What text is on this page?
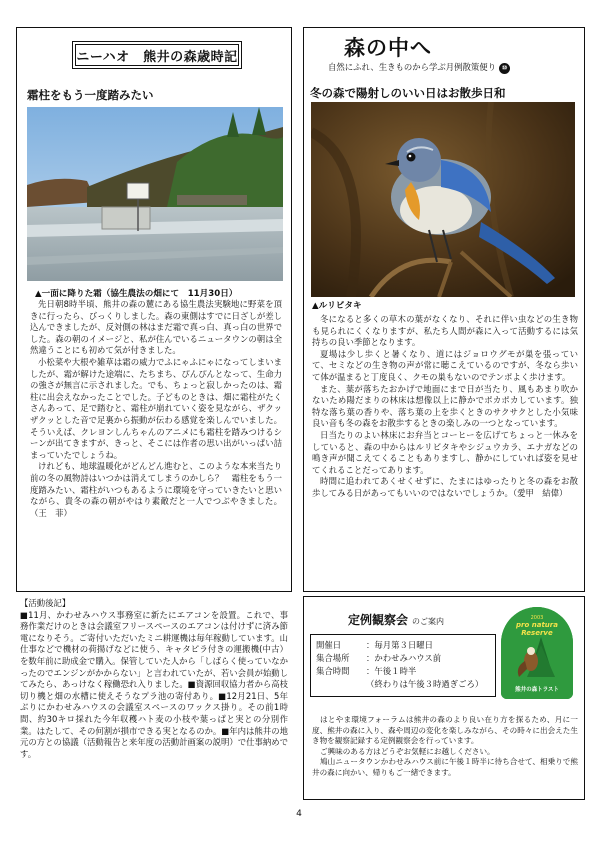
ニーハオ　熊井の森歳時記
霜柱をもう一度踏みたい
▲一面に降りた霜（協生農法の畑にて　11月30日）

先日朝8時半頃、熊井の森の麓にある協生農法実験地に野菜を頂きに行ったら、びっくりしました。森の東側はすでに日ざしが差し込んできましたが、反対側の林はまだ霜で真っ白、真っ白の世界でした。森の朝のイメージと、私が住んでいるニュータウンの朝は全然違うことにも初めて気が付きました。

小松菜や大根や雑草は霜の威力でふにゃふにゃになってしまいましたが、霜が解けた途端に、たちまち、ぴんぴんとなって、生命力の強さが無言に示されました。でも、ちょっと寂しかったのは、霜柱に出会えなかったことでした。子どものときは、畑に霜柱がたくさんあって、足で踏むと、霜柱が崩れていく姿を見ながら、ザクッザクッとした音で足裏から振動が伝わる感覚を楽しんでいました。そういえば、クレヨンしんちゃんのアニメにも霜柱を踏みつけるシーンが出てきますが、きっと、そこには作者の思い出がいっぱい詰まっていたでしょうね。

けれども、地球温暖化がどんどん進むと、このような本来当たり前の冬の風物詩はいつかは消えてしまうのかしら？　霜柱をもう一度踏みたい、霜柱がいつもあるように環境を守っていきたいと思いながら、貴冬の森の朝がやはり素敵だと一人でつぶやきました。（王　菲）

森の中へ
自然にふれ、生きものから学ぶ月例散策便り ⑩
冬の森で陽射しのいい日はお散歩日和
▲ルリビタキ

冬になると多くの草木の葉がなくなり、それに伴い虫などの生き物も見られにくくなりますが、私たち人間が森に入って活動するには気持ちの良い季節となります。

夏場は少し歩くと暑くなり、道にはジョロウグモが巣を張っていて、セミなどの生き物の声が常に聴こえているのですが、冬なら歩いて体が温まると丁度良く、クモの巣もないのでテンポよく歩けます。

また、葉が落ちたおかげで地面にまで日が当たり、風もあまり吹かないため陽だまりの林床は想像以上に静かでポカポカしています。独特な落ち葉の香りや、落ち葉の上を歩くときのサクサクとした小気味良い音も冬の森をお散歩するときの楽しみの一つとなっています。

日当たりのよい林床にお弁当とコーヒーを広げてちょっと一休みをしていると、森の中からはルリビタキやシジュウカラ、エナガなどの鳴き声が聞こえてくることもありますし、静かにしていれば姿を見せてくれることだってあります。

時間に追われてあくせくせずに、たまにはゆったりと冬の森をお散歩してみる日があってもいいのではないでしょうか。（愛甲　結偉）

【活動後記】

■11月、かわせみハウス事務室に新たにエアコンを設置。これで、事務作業だけのときは会議室フリースペースのエアコンは付けずに済み節電になりそう。ご寄付いただいたミニ耕運機は毎年稼動しています。山仕事などで機材の荷揚げなどに使う、キャタピラ付きの運搬機(中古）を数年前に助成金で購入。保管していた人から「しばらく使っていなかったのでエンジンがかからない」と言われていたが、若い会員が始動してみたら、あっけなく稼働恐れ入りました。■資源回収協力者から高枝切り機と畑の水槽に使えそうなプラ池の寄付あり。■12月21日、5年ぶりにかわせみハウスの会議室スペースのワックス掛り。その前1時間、約30キロ採れた今年収穫ハト麦の小枝や葉っぱと実との分別作業。はたして、その何割が損市できる実となるのか。■年内は熊井の地元の方との協議（活動報告と来年度の活動計画案の説明）で仕事納めです。

定例観察会 のご案内
開催日	：毎月第３日曜日
集合場所	：かわせみハウス前
集合時間	：午後１時半
（終わりは午後３時過ぎごろ）
2003
pro natura
Reserve
熊井の森トラスト

はとやま環境フォーラムは熊井の森のより良い在り方を探るため、月に一度、熊井の森に入り、森や周辺の変化を楽しみながら、その時々に出会えた生き物を観察記録する定例観察会を行っています。

ご興味のある方はどうぞお気軽にお越しください。

鳩山ニュータウンかわせみハウス前に午後１時半に待ち合せて、相乗りで熊井の森に向かい、帰りもご一緒できます。

4
